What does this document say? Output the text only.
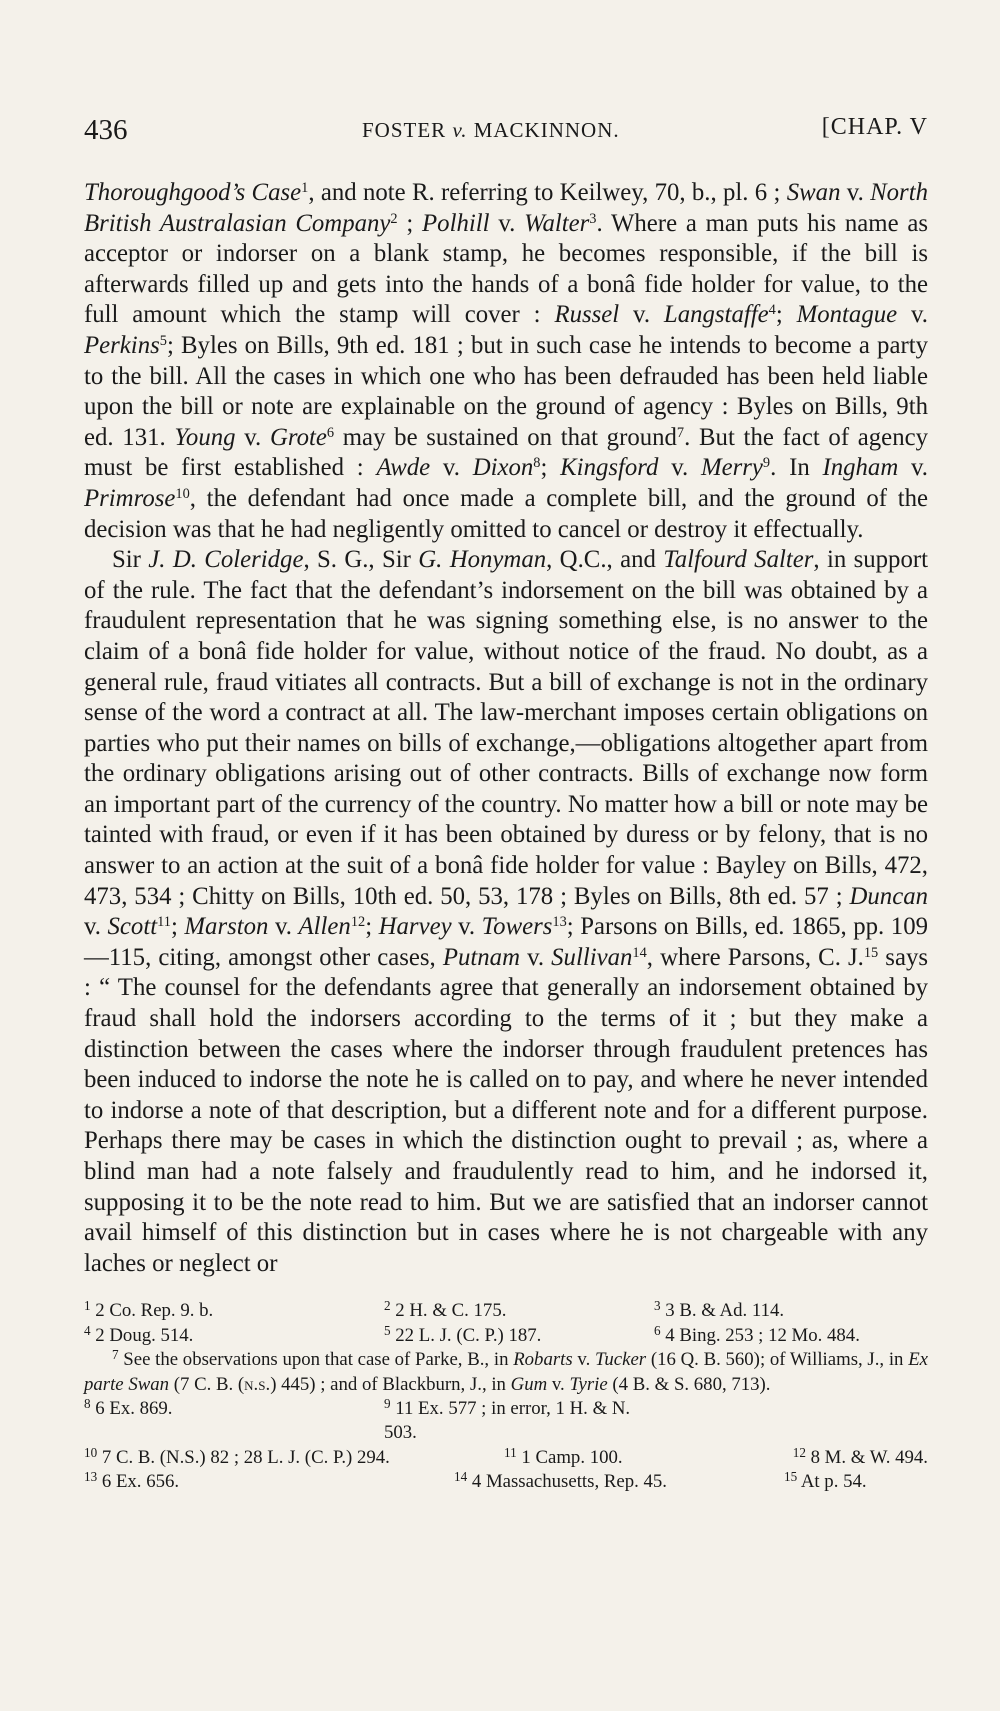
436	FOSTER v. MACKINNON.	[CHAP. V

Thoroughgood’s Case$^1$, and note R. referring to Keilwey, 70, b., pl. 6 ; Swan v. North British Australasian Company$^2$ ; Polhill v. Walter$^3$. Where a man puts his name as acceptor or indorser on a blank stamp, he becomes responsible, if the bill is afterwards filled up and gets into the hands of a bonâ fide holder for value, to the full amount which the stamp will cover : Russel v. Langstaffe$^4$; Montague v. Perkins$^5$; Byles on Bills, 9th ed. 181 ; but in such case he intends to become a party to the bill. All the cases in which one who has been defrauded has been held liable upon the bill or note are explainable on the ground of agency : Byles on Bills, 9th ed. 131. Young v. Grote$^6$ may be sustained on that ground$^7$. But the fact of agency must be first established : Awde v. Dixon$^8$; Kingsford v. Merry$^9$. In Ingham v. Primrose$^{10}$, the defendant had once made a complete bill, and the ground of the decision was that he had negligently omitted to cancel or destroy it effectually.

Sir J. D. Coleridge, S. G., Sir G. Honyman, Q.C., and Talfourd Salter, in support of the rule. The fact that the defendant’s indorsement on the bill was obtained by a fraudulent representation that he was signing something else, is no answer to the claim of a bonâ fide holder for value, without notice of the fraud. No doubt, as a general rule, fraud vitiates all contracts. But a bill of exchange is not in the ordinary sense of the word a contract at all. The law-merchant imposes certain obligations on parties who put their names on bills of exchange,—obligations altogether apart from the ordinary obligations arising out of other contracts. Bills of exchange now form an important part of the currency of the country. No matter how a bill or note may be tainted with fraud, or even if it has been obtained by duress or by felony, that is no answer to an action at the suit of a bonâ fide holder for value : Bayley on Bills, 472, 473, 534 ; Chitty on Bills, 10th ed. 50, 53, 178 ; Byles on Bills, 8th ed. 57 ; Duncan v. Scott$^{11}$; Marston v. Allen$^{12}$; Harvey v. Towers$^{13}$; Parsons on Bills, ed. 1865, pp. 109—115, citing, amongst other cases, Putnam v. Sullivan$^{14}$, where Parsons, C. J.$^{15}$ says : “ The counsel for the defendants agree that generally an indorsement obtained by fraud shall hold the indorsers according to the terms of it ; but they make a distinction between the cases where the indorser through fraudulent pretences has been induced to indorse the note he is called on to pay, and where he never intended to indorse a note of that description, but a different note and for a different purpose. Perhaps there may be cases in which the distinction ought to prevail ; as, where a blind man had a note falsely and fraudulently read to him, and he indorsed it, supposing it to be the note read to him. But we are satisfied that an indorser cannot avail himself of this distinction but in cases where he is not chargeable with any laches or neglect or

$^1$ 2 Co. Rep. 9. b.	$^2$ 2 H. & C. 175.	$^3$ 3 B. & Ad. 114.
$^4$ 2 Doug. 514.	$^5$ 22 L. J. (C. P.) 187.	$^6$ 4 Bing. 253 ; 12 Mo. 484.
$^7$ See the observations upon that case of Parke, B., in Robarts v. Tucker (16 Q. B. 560); of Williams, J., in Ex parte Swan (7 C. B. (n.s.) 445) ; and of Blackburn, J., in Gum v. Tyrie (4 B. & S. 680, 713).
$^8$ 6 Ex. 869.	$^9$ 11 Ex. 577 ; in error, 1 H. & N. 503.
$^{10}$ 7 C. B. (N.S.) 82 ; 28 L. J. (C. P.) 294.	$^{11}$ 1 Camp. 100.	$^{12}$ 8 M. & W. 494.
$^{13}$ 6 Ex. 656.	$^{14}$ 4 Massachusetts, Rep. 45.	$^{15}$ At p. 54.
